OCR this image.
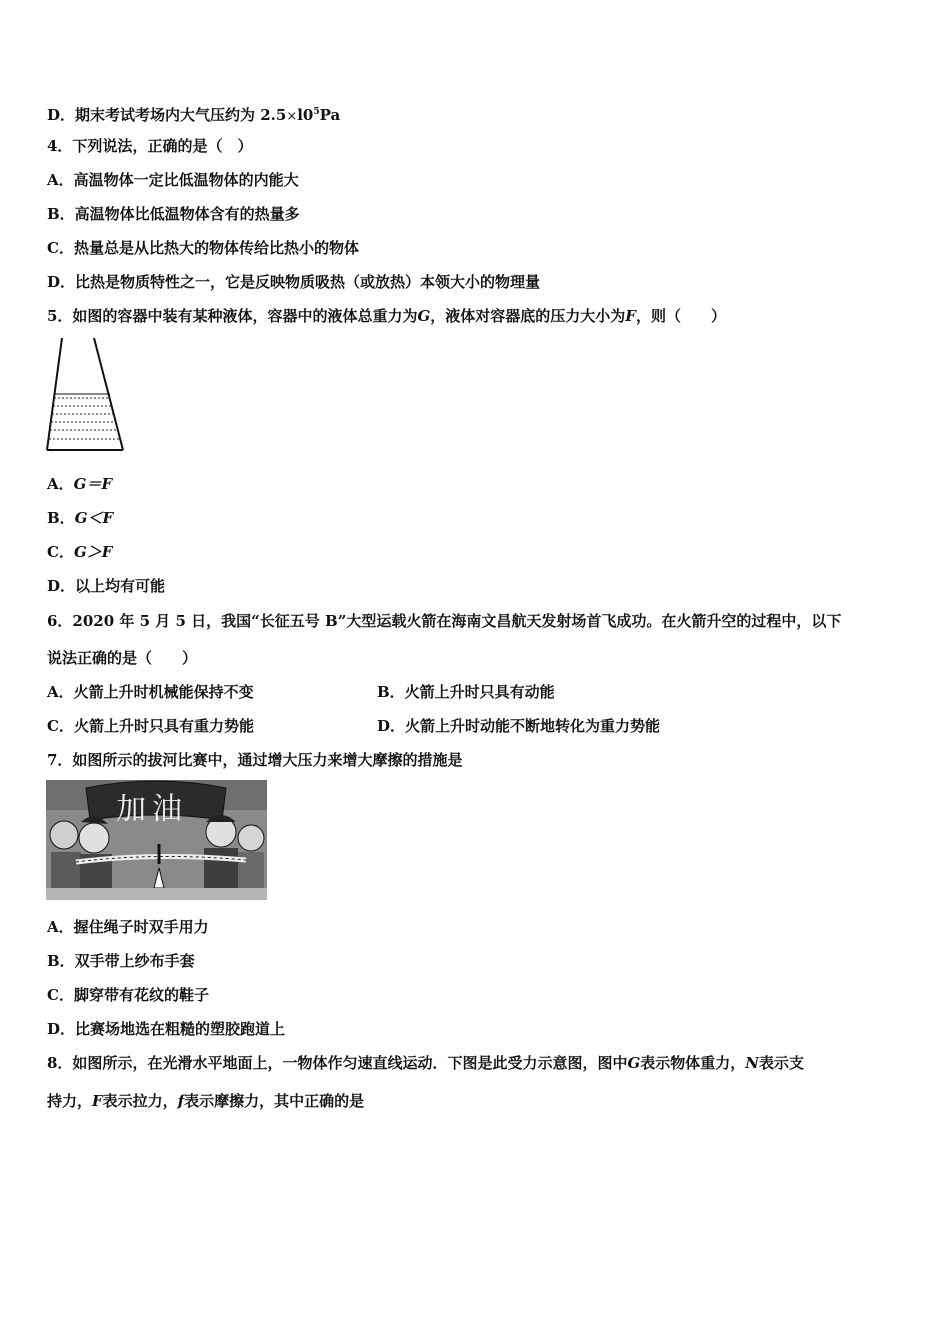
D．期末考试考场内大气压约为 $2.5\times l0^5Pa$
4．下列说法，正确的是（　）
A．高温物体一定比低温物体的内能大
B．高温物体比低温物体含有的热量多
C．热量总是从比热大的物体传给比热小的物体
D．比热是物质特性之一，它是反映物质吸热（或放热）本领大小的物理量
5．如图的容器中装有某种液体，容器中的液体总重力为G，液体对容器底的压力大小为F，则（　　）
A．G＝F
B．G＜F
C．G＞F
D．以上均有可能
6．2020 年 5 月 5 日，我国“长征五号 B”大型运载火箭在海南文昌航天发射场首飞成功。在火箭升空的过程中，以下
说法正确的是（　　）
A．火箭上升时机械能保持不变	B．火箭上升时只具有动能
C．火箭上升时只具有重力势能	D．火箭上升时动能不断地转化为重力势能
7．如图所示的拔河比赛中，通过增大压力来增大摩擦的措施是
加油
A．握住绳子时双手用力
B．双手带上纱布手套
C．脚穿带有花纹的鞋子
D．比赛场地选在粗糙的塑胶跑道上
8．如图所示，在光滑水平地面上，一物体作匀速直线运动．下图是此受力示意图，图中G表示物体重力，N表示支
持力，F表示拉力，f表示摩擦力，其中正确的是
